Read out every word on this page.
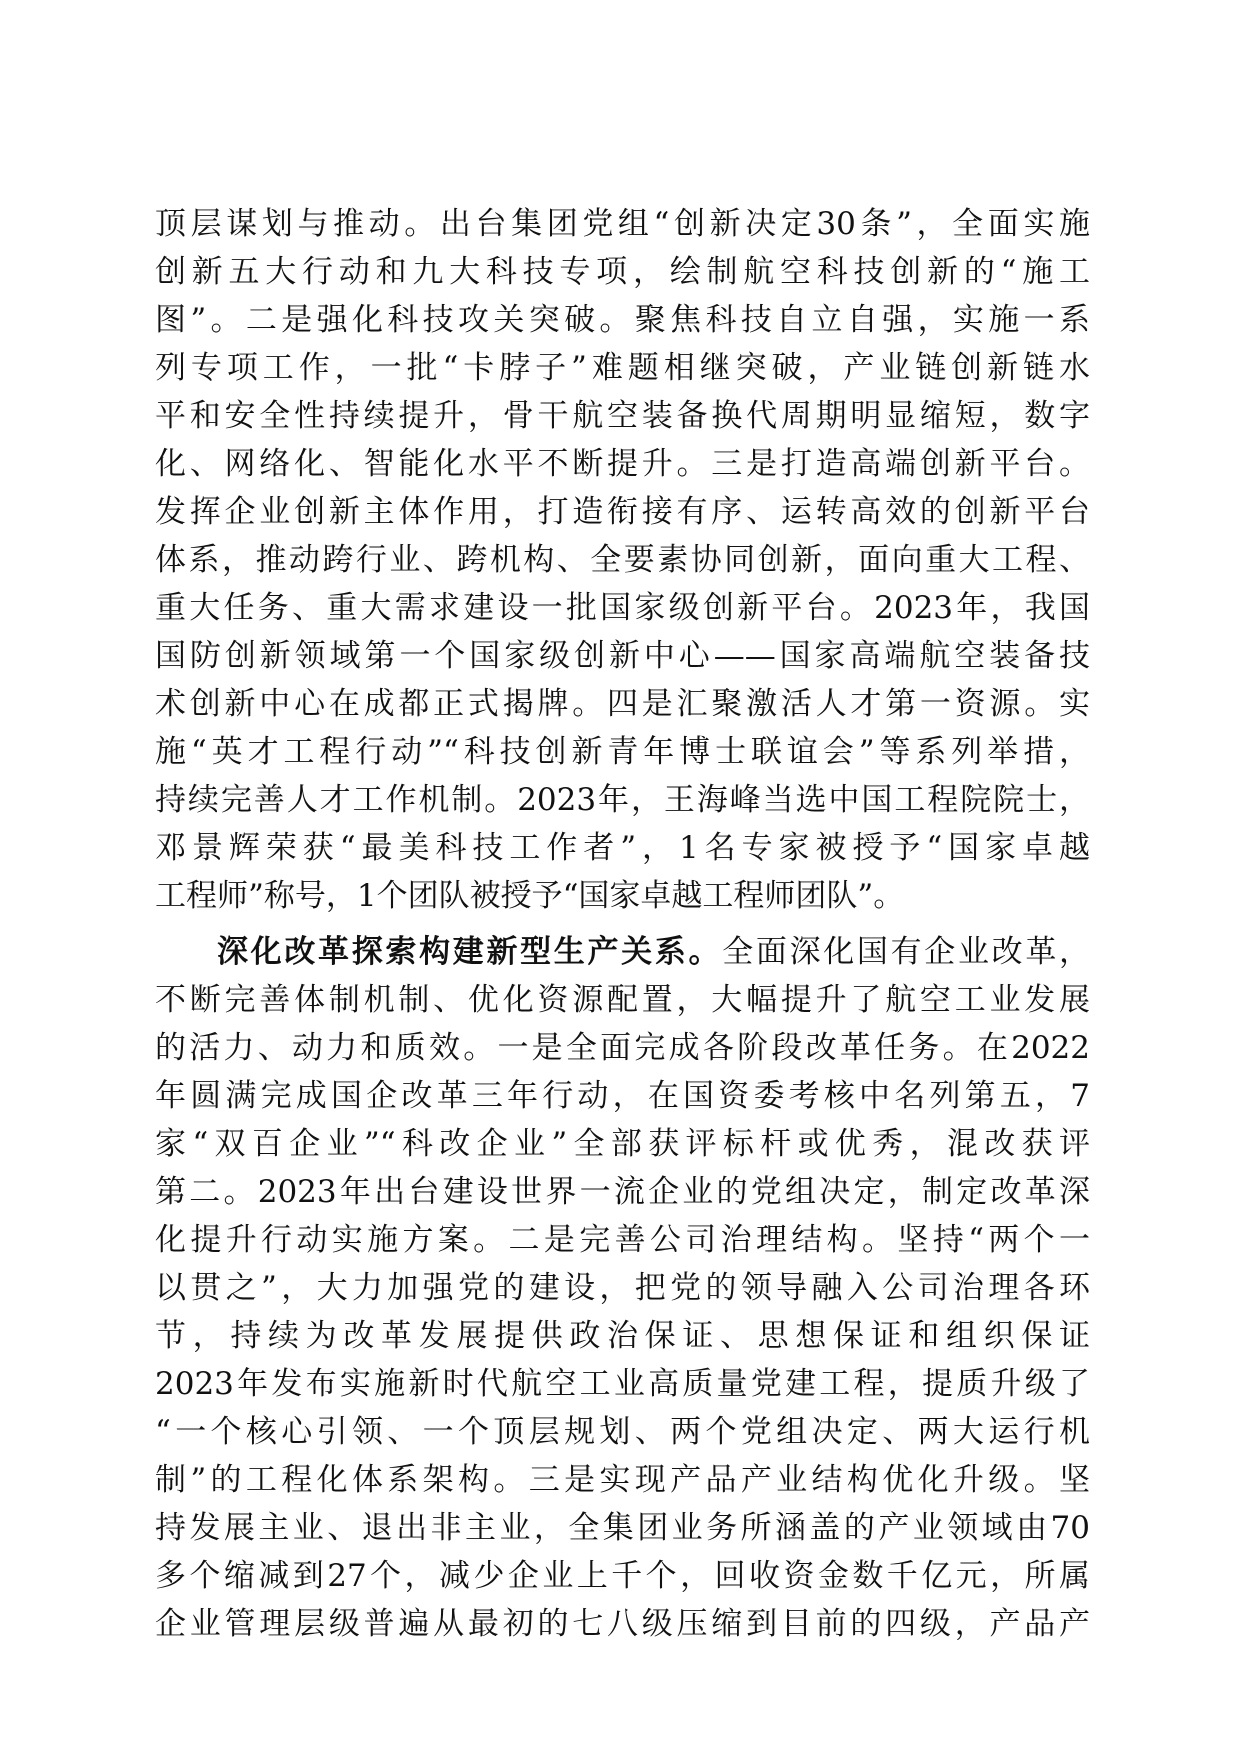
顶层谋划与推动。出台集团党组“创新决定30条”，全面实施
创新五大行动和九大科技专项，绘制航空科技创新的“施工
图”。二是强化科技攻关突破。聚焦科技自立自强，实施一系
列专项工作，一批“卡脖子”难题相继突破，产业链创新链水
平和安全性持续提升，骨干航空装备换代周期明显缩短，数字
化、网络化、智能化水平不断提升。三是打造高端创新平台。
发挥企业创新主体作用，打造衔接有序、运转高效的创新平台
体系，推动跨行业、跨机构、全要素协同创新，面向重大工程、
重大任务、重大需求建设一批国家级创新平台。2023年，我国
国防创新领域第一个国家级创新中心——国家高端航空装备技
术创新中心在成都正式揭牌。四是汇聚激活人才第一资源。实
施“英才工程行动”“科技创新青年博士联谊会”等系列举措，
持续完善人才工作机制。2023年，王海峰当选中国工程院院士，
邓景辉荣获“最美科技工作者”，1名专家被授予“国家卓越
工程师”称号，1个团队被授予“国家卓越工程师团队”。
深化改革探索构建新型生产关系。全面深化国有企业改革，
不断完善体制机制、优化资源配置，大幅提升了航空工业发展
的活力、动力和质效。一是全面完成各阶段改革任务。在2022
年圆满完成国企改革三年行动，在国资委考核中名列第五，7
家“双百企业”“科改企业”全部获评标杆或优秀，混改获评
第二。2023年出台建设世界一流企业的党组决定，制定改革深
化提升行动实施方案。二是完善公司治理结构。坚持“两个一
以贯之”，大力加强党的建设，把党的领导融入公司治理各环
节，持续为改革发展提供政治保证、思想保证和组织保证
2023年发布实施新时代航空工业高质量党建工程，提质升级了
“一个核心引领、一个顶层规划、两个党组决定、两大运行机
制”的工程化体系架构。三是实现产品产业结构优化升级。坚
持发展主业、退出非主业，全集团业务所涵盖的产业领域由70
多个缩减到27个，减少企业上千个，回收资金数千亿元，所属
企业管理层级普遍从最初的七八级压缩到目前的四级，产品产
